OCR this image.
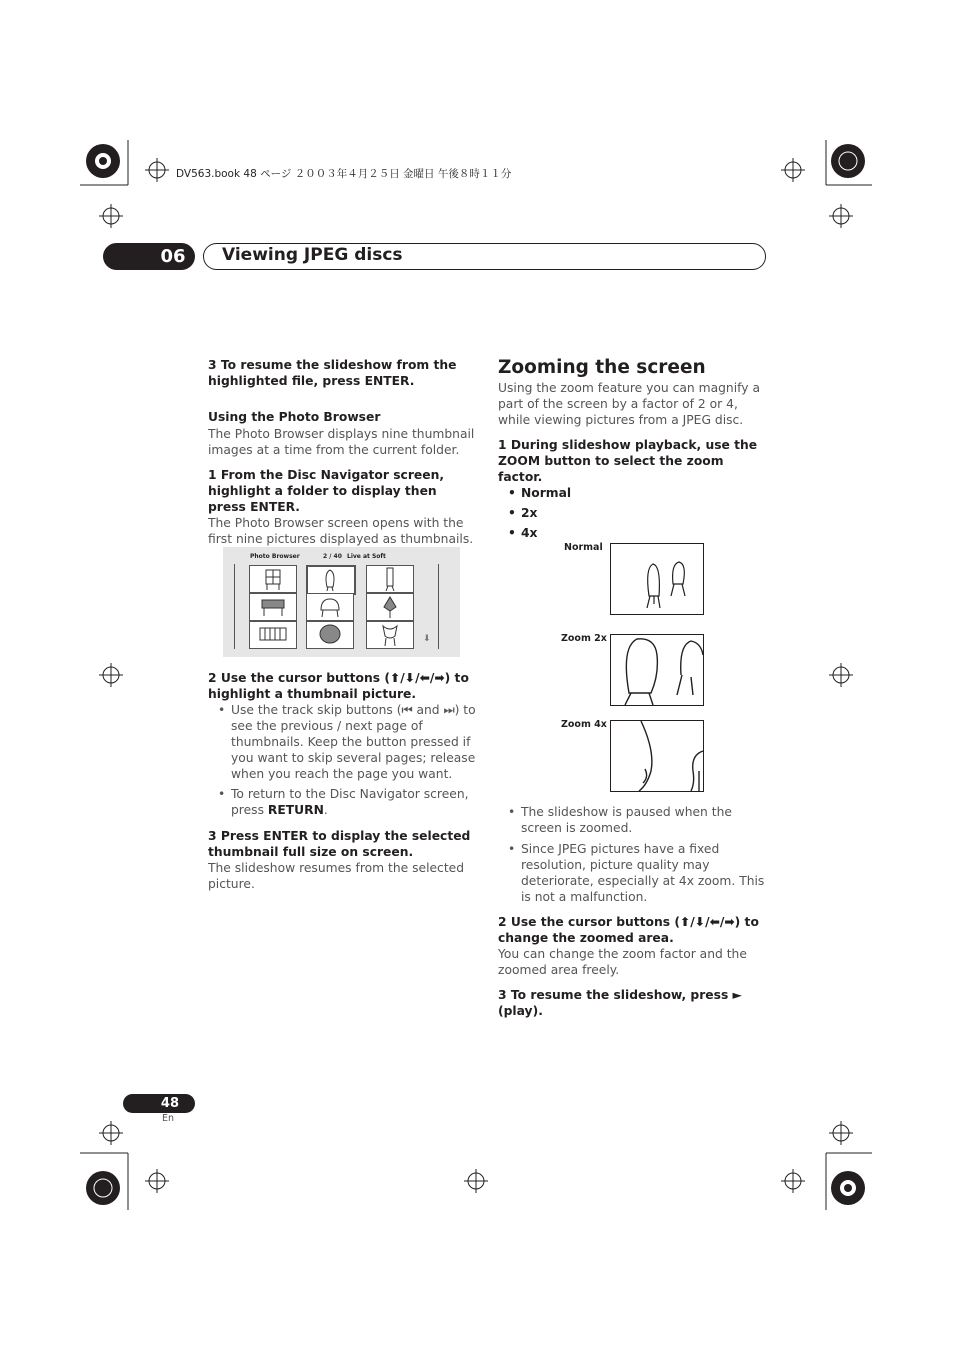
DV563.book 48 ページ ２００３年４月２５日 金曜日 午後８時１１分
06	Viewing JPEG discs
3 To resume the slideshow from the highlighted file, press ENTER.
Using the Photo Browser
The Photo Browser displays nine thumbnail images at a time from the current folder.
1 From the Disc Navigator screen, highlight a folder to display then press ENTER.
The Photo Browser screen opens with the first nine pictures displayed as thumbnails.
Photo Browser	2 / 40 Live at Soft
⬇
2 Use the cursor buttons (⬆/⬇/⬅/➡) to highlight a thumbnail picture.
• Use the track skip buttons (⏮ and ⏭) to see the previous / next page of thumbnails. Keep the button pressed if you want to skip several pages; release when you reach the page you want.
• To return to the Disc Navigator screen, press RETURN.
3 Press ENTER to display the selected thumbnail full size on screen.
The slideshow resumes from the selected picture.
Zooming the screen
Using the zoom feature you can magnify a part of the screen by a factor of 2 or 4, while viewing pictures from a JPEG disc.
1 During slideshow playback, use the ZOOM button to select the zoom factor.
• Normal
• 2x
• 4x
Normal
Zoom 2x
Zoom 4x
• The slideshow is paused when the screen is zoomed.
• Since JPEG pictures have a fixed resolution, picture quality may deteriorate, especially at 4x zoom. This is not a malfunction.
2 Use the cursor buttons (⬆/⬇/⬅/➡) to change the zoomed area.
You can change the zoom factor and the zoomed area freely.
3 To resume the slideshow, press ► (play).
48
En
